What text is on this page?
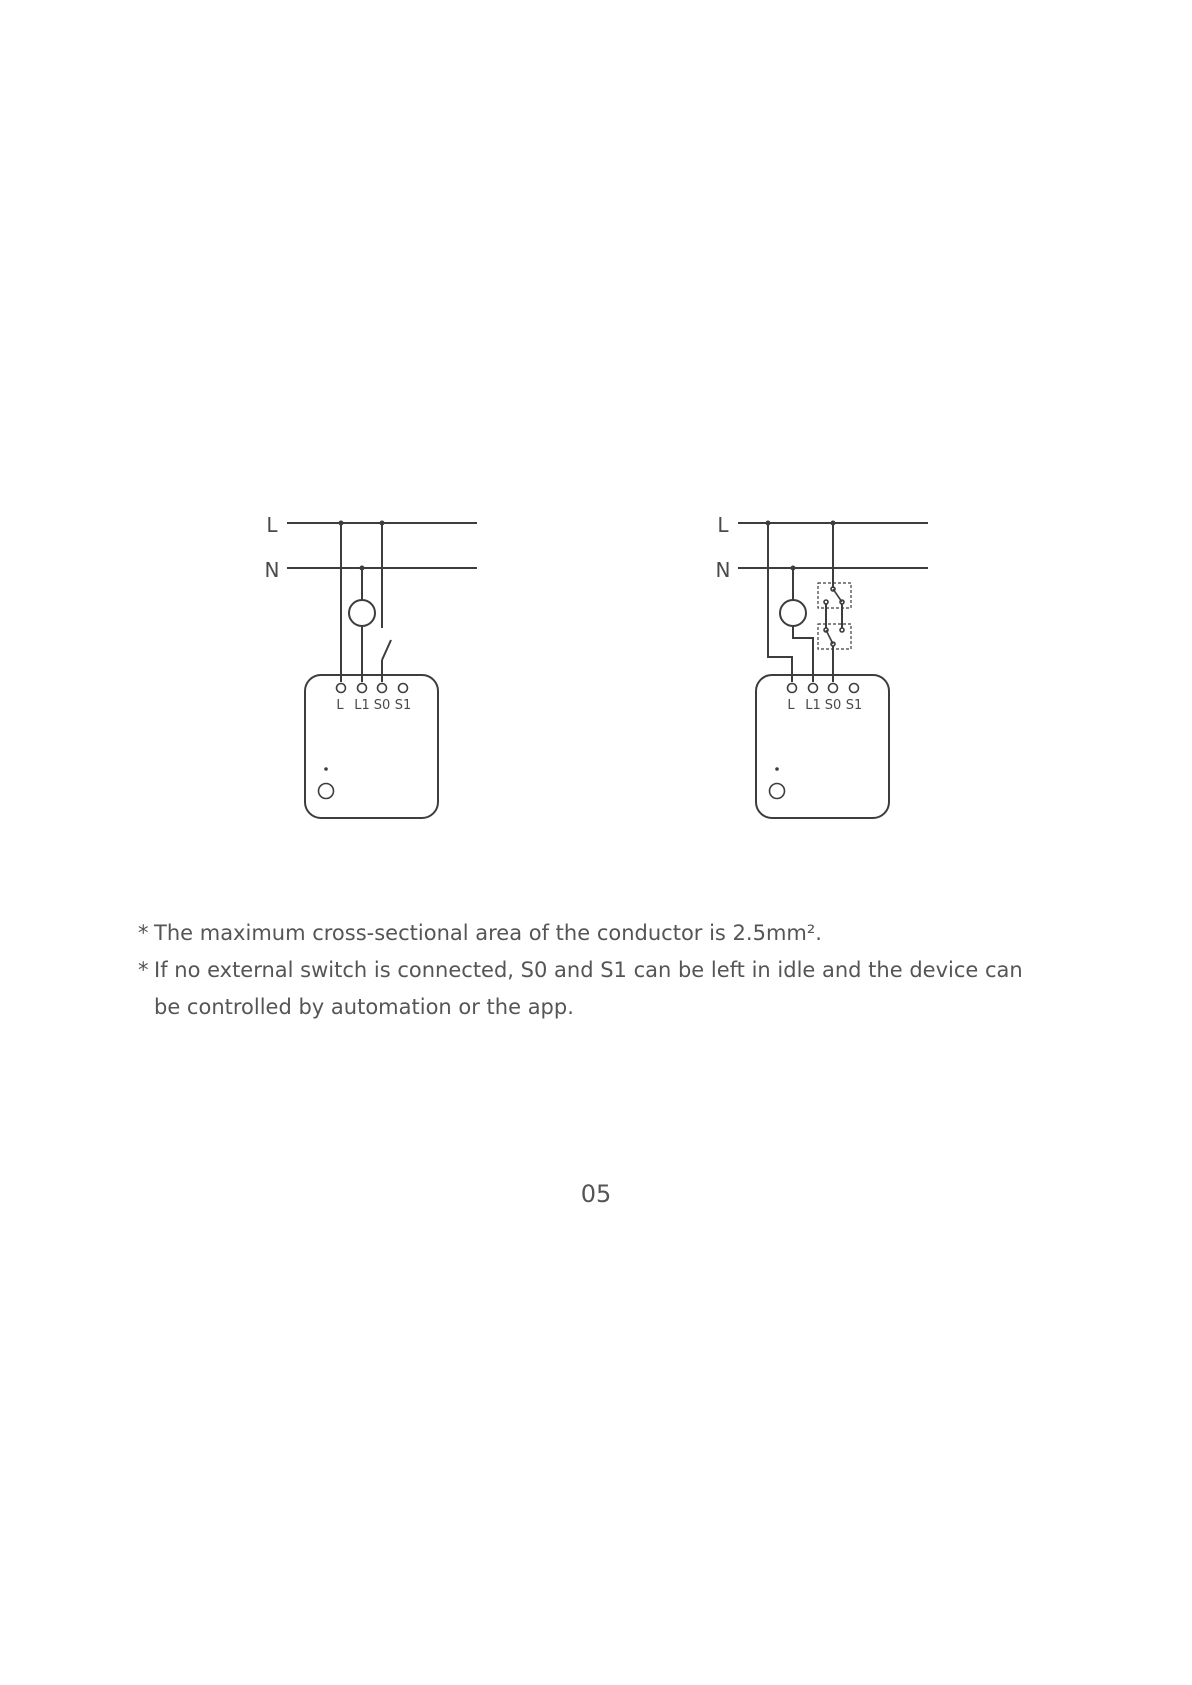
L
N
L L1 S0 S1
L
N
L L1 S0 S1
* The maximum cross-sectional area of the conductor is 2.5mm².
* If no external switch is connected, S0 and S1 can be left in idle and the device can be controlled by automation or the app.
05
